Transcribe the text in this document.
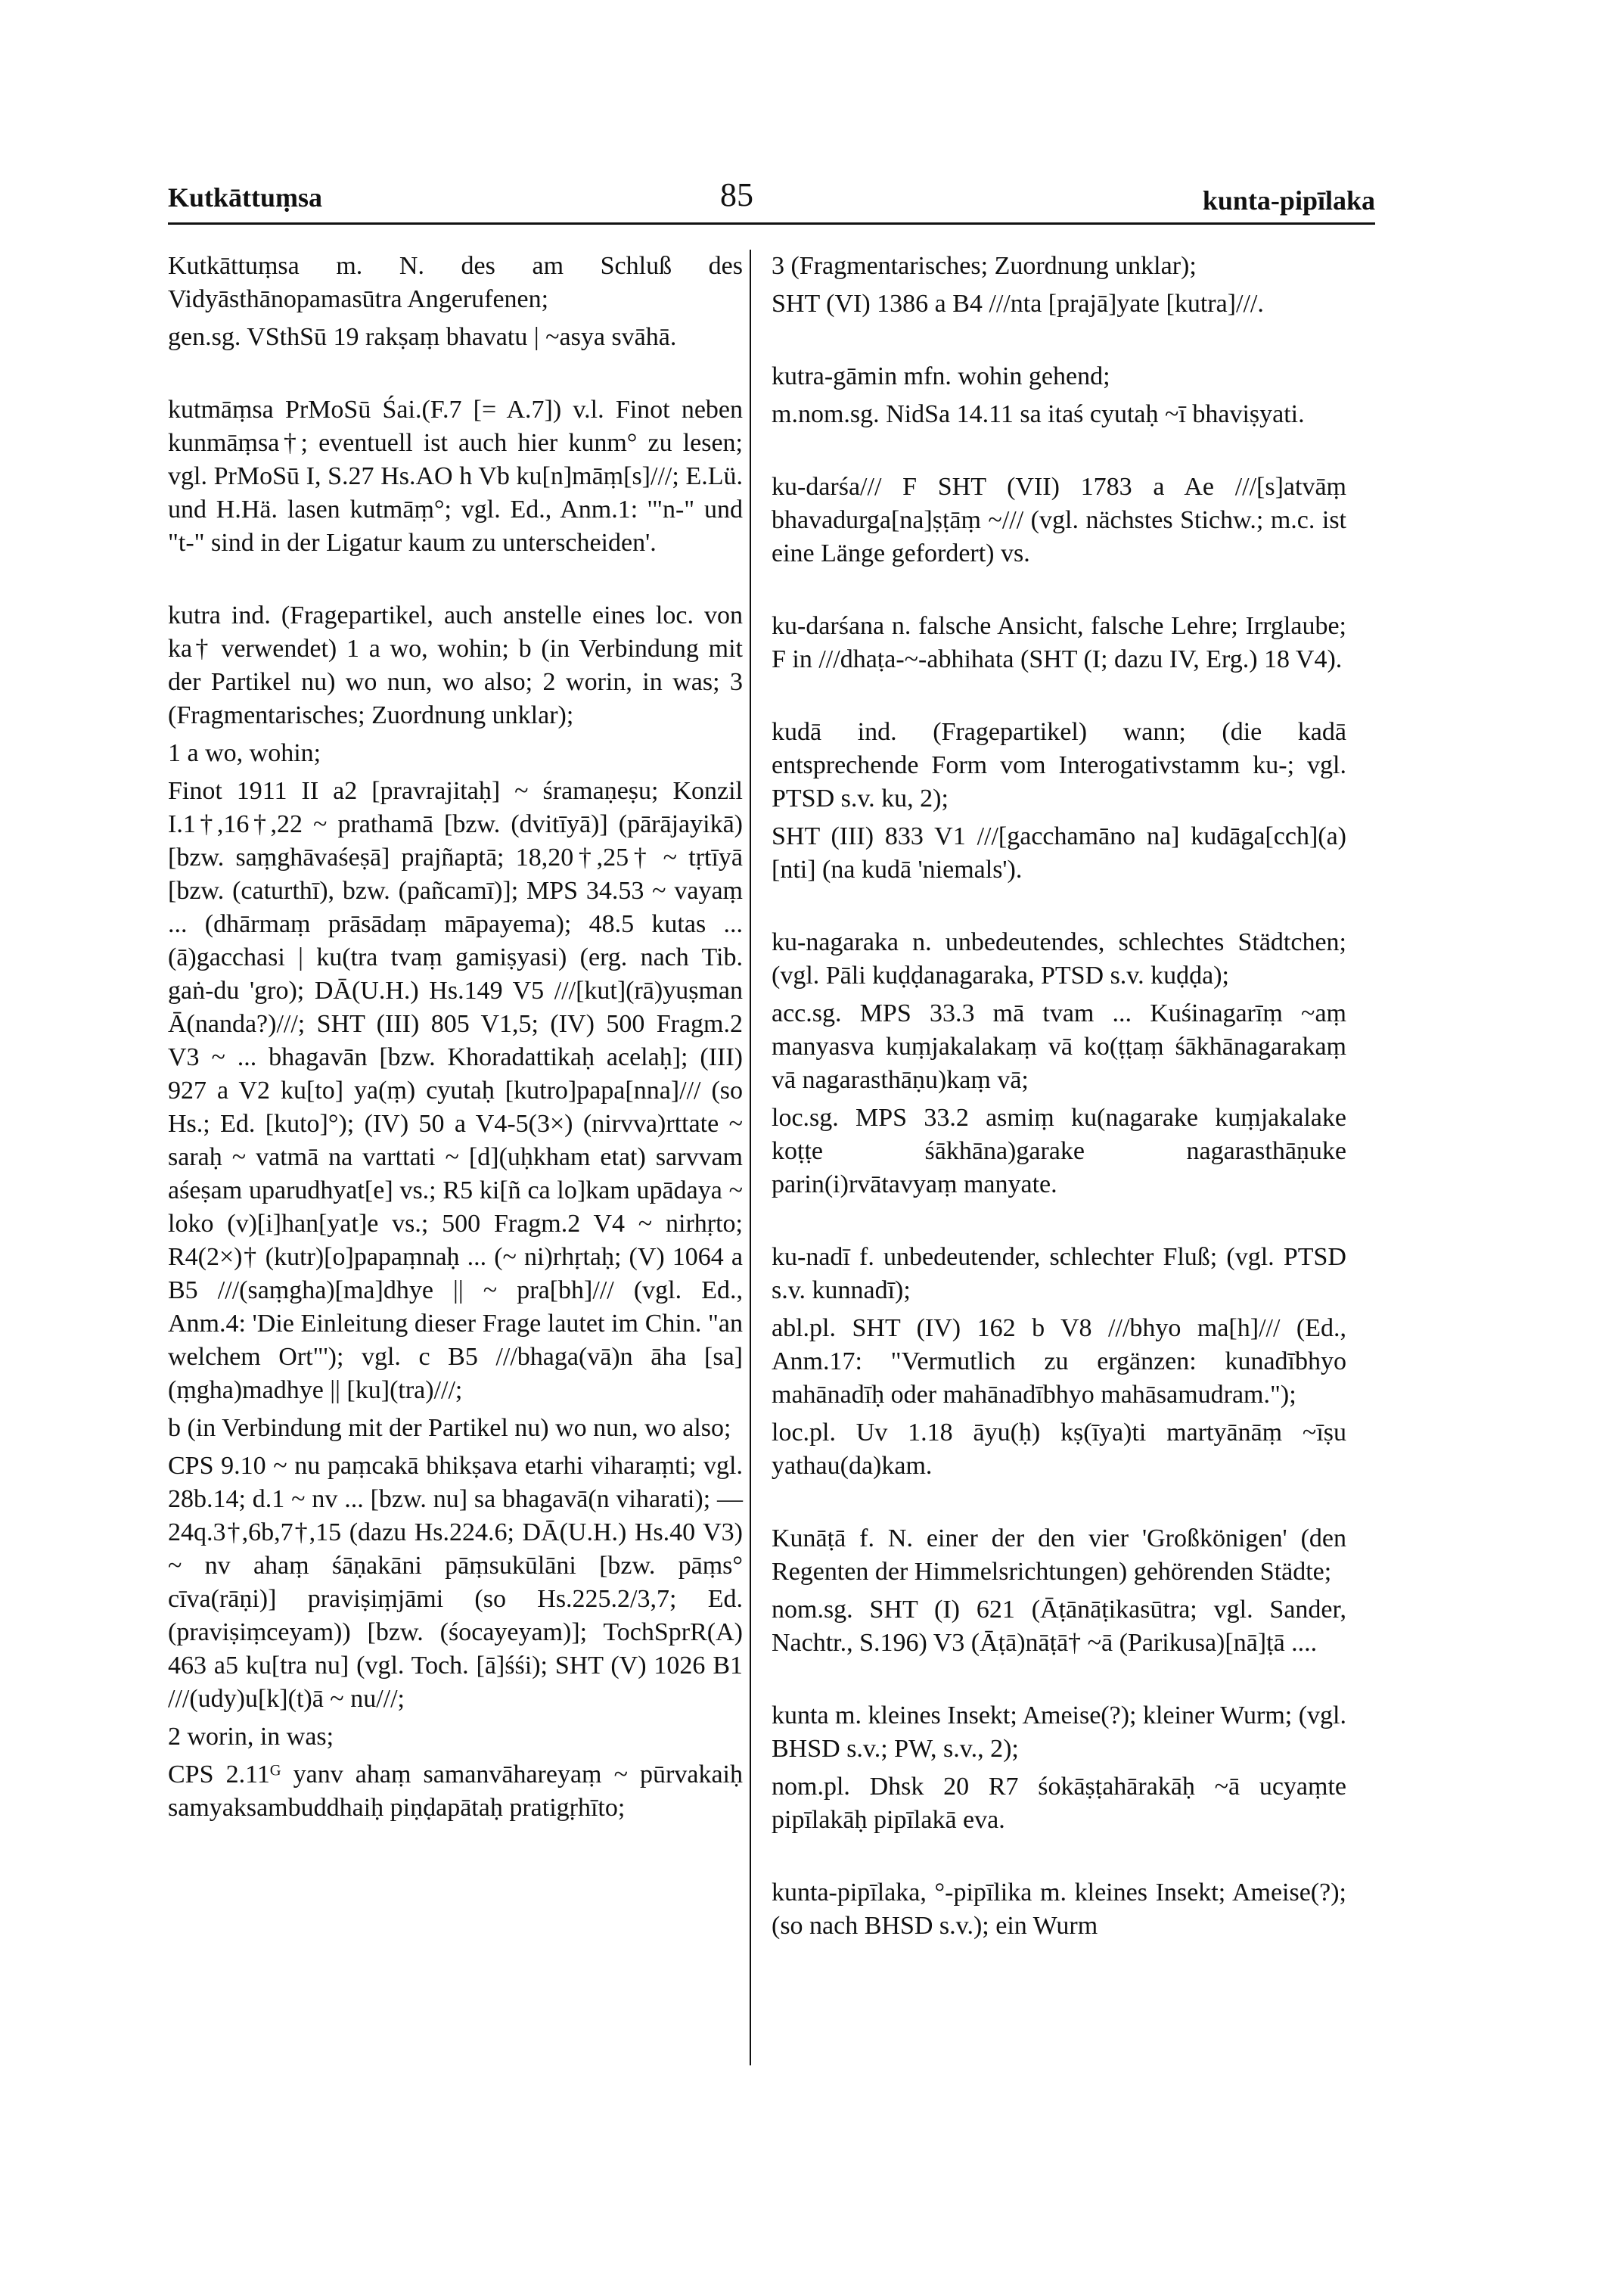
Kutkāttuṃsa	85	kunta-pipīlaka

Kutkāttuṃsa m. N. des am Schluß des Vidyāsthānopamasūtra Angerufenen;

gen.sg. VSthSū 19 rakṣaṃ bhavatu | ~asya svāhā.

kutmāṃsa PrMoSū Śai.(F.7 [= A.7]) v.l. Finot neben kunmāṃsa†; eventuell ist auch hier kunm° zu lesen; vgl. PrMoSū I, S.27 Hs.AO h Vb ku[n]māṃ[s]///; E.Lü. und H.Hä. lasen kutmāṃ°; vgl. Ed., Anm.1: '"n-" und "t-" sind in der Ligatur kaum zu unterscheiden'.

kutra ind. (Fragepartikel, auch anstelle eines loc. von ka† verwendet) 1 a wo, wohin; b (in Verbindung mit der Partikel nu) wo nun, wo also; 2 worin, in was; 3 (Fragmentarisches; Zuordnung unklar);

1 a wo, wohin;

Finot 1911 II a2 [pravrajitaḥ] ~ śramaṇeṣu; Konzil I.1†,16†,22 ~ prathamā [bzw. (dvitīyā)] (pārājayikā) [bzw. saṃghāvaśeṣā] prajñaptā; 18,20†,25† ~ tṛtīyā [bzw. (caturthī), bzw. (pañcamī)]; MPS 34.53 ~ vayaṃ ... (dhārmaṃ prāsādaṃ māpayema); 48.5 kutas ... (ā)gacchasi | ku(tra tvaṃ gamiṣyasi) (erg. nach Tib. gaṅ-du 'gro); DĀ(U.H.) Hs.149 V5 ///[kut](rā)yuṣman Ā(nanda?)///; SHT (III) 805 V1,5; (IV) 500 Fragm.2 V3 ~ ... bhagavān [bzw. Khoradattikaḥ acelaḥ]; (III) 927 a V2 ku[to] ya(ṃ) cyutaḥ [kutro]papa[nna]/// (so Hs.; Ed. [kuto]°); (IV) 50 a V4-5(3×) (nirvva)rttate ~ saraḥ ~ vatmā na varttati ~ [d](uḥkham etat) sarvvam aśeṣam uparudhyat[e] vs.; R5 ki[ñ ca lo]kam upādaya ~ loko (v)[i]han[yat]e vs.; 500 Fragm.2 V4 ~ nirhṛto; R4(2×)† (kutr)[o]papaṃnaḥ ... (~ ni)rhṛtaḥ; (V) 1064 a B5 ///(saṃgha)[ma]dhye || ~ pra[bh]/// (vgl. Ed., Anm.4: 'Die Einleitung dieser Frage lautet im Chin. "an welchem Ort"'); vgl. c B5 ///bhaga(vā)n āha [sa](ṃgha)madhye || [ku](tra)///;

b (in Verbindung mit der Partikel nu) wo nun, wo also;

CPS 9.10 ~ nu paṃcakā bhikṣava etarhi viharaṃti; vgl. 28b.14; d.1 ~ nv ... [bzw. nu] sa bhagavā(n viharati); — 24q.3†,6b,7†,15 (dazu Hs.224.6; DĀ(U.H.) Hs.40 V3) ~ nv ahaṃ śāṇakāni pāṃsukūlāni [bzw. pāṃs° cīva(rāṇi)] praviṣiṃjāmi (so Hs.225.2/3,7; Ed. (praviṣiṃceyam)) [bzw. (śocayeyam)]; TochSprR(A) 463 a5 ku[tra nu] (vgl. Toch. [ā]śśi); SHT (V) 1026 B1 ///(udy)u[k](t)ā ~ nu///;

2 worin, in was;

CPS 2.11ᴳ yanv ahaṃ samanvāhareyaṃ ~ pūrvakaiḥ samyaksambuddhaiḥ piṇḍapātaḥ pratigṛhīto;

3 (Fragmentarisches; Zuordnung unklar);

SHT (VI) 1386 a B4 ///nta [prajā]yate [kutra]///.

kutra-gāmin mfn. wohin gehend;

m.nom.sg. NidSa 14.11 sa itaś cyutaḥ ~ī bhaviṣyati.

ku-darśa/// F SHT (VII) 1783 a Ae ///[s]atvāṃ bhavadurga[na]ṣṭāṃ ~/// (vgl. nächstes Stichw.; m.c. ist eine Länge gefordert) vs.

ku-darśana n. falsche Ansicht, falsche Lehre; Irrglaube; F in ///dhaṭa-~-abhihata (SHT (I; dazu IV, Erg.) 18 V4).

kudā ind. (Fragepartikel) wann; (die kadā entsprechende Form vom Interogativstamm ku-; vgl. PTSD s.v. ku, 2);

SHT (III) 833 V1 ///[gacchamāno na] kudāga[cch](a)[nti] (na kudā 'niemals').

ku-nagaraka n. unbedeutendes, schlechtes Städtchen; (vgl. Pāli kuḍḍanagaraka, PTSD s.v. kuḍḍa);

acc.sg. MPS 33.3 mā tvam ... Kuśinagarīṃ ~aṃ manyasva kuṃjakalakaṃ vā ko(ṭṭaṃ śākhānagarakaṃ vā nagarasthāṇu)kaṃ vā;

loc.sg. MPS 33.2 asmiṃ ku(nagarake kuṃjakalake koṭṭe śākhāna)garake nagarasthāṇuke parin(i)rvātavyaṃ manyate.

ku-nadī f. unbedeutender, schlechter Fluß; (vgl. PTSD s.v. kunnadī);

abl.pl. SHT (IV) 162 b V8 ///bhyo ma[h]/// (Ed., Anm.17: "Vermutlich zu ergänzen: kunadībhyo mahānadīḥ oder mahānadībhyo mahāsamudram.");

loc.pl. Uv 1.18 āyu(ḥ) kṣ(īya)ti martyānāṃ ~īṣu yathau(da)kam.

Kunāṭā f. N. einer der den vier 'Großkönigen' (den Regenten der Himmelsrichtungen) gehörenden Städte;

nom.sg. SHT (I) 621 (Āṭānāṭikasūtra; vgl. Sander, Nachtr., S.196) V3 (Āṭā)nāṭā† ~ā (Parikusa)[nā]ṭā ....

kunta m. kleines Insekt; Ameise(?); kleiner Wurm; (vgl. BHSD s.v.; PW, s.v., 2);

nom.pl. Dhsk 20 R7 śokāṣṭahārakāḥ ~ā ucyaṃte pipīlakāḥ pipīlakā eva.

kunta-pipīlaka, °-pipīlika m. kleines Insekt; Ameise(?); (so nach BHSD s.v.); ein Wurm
